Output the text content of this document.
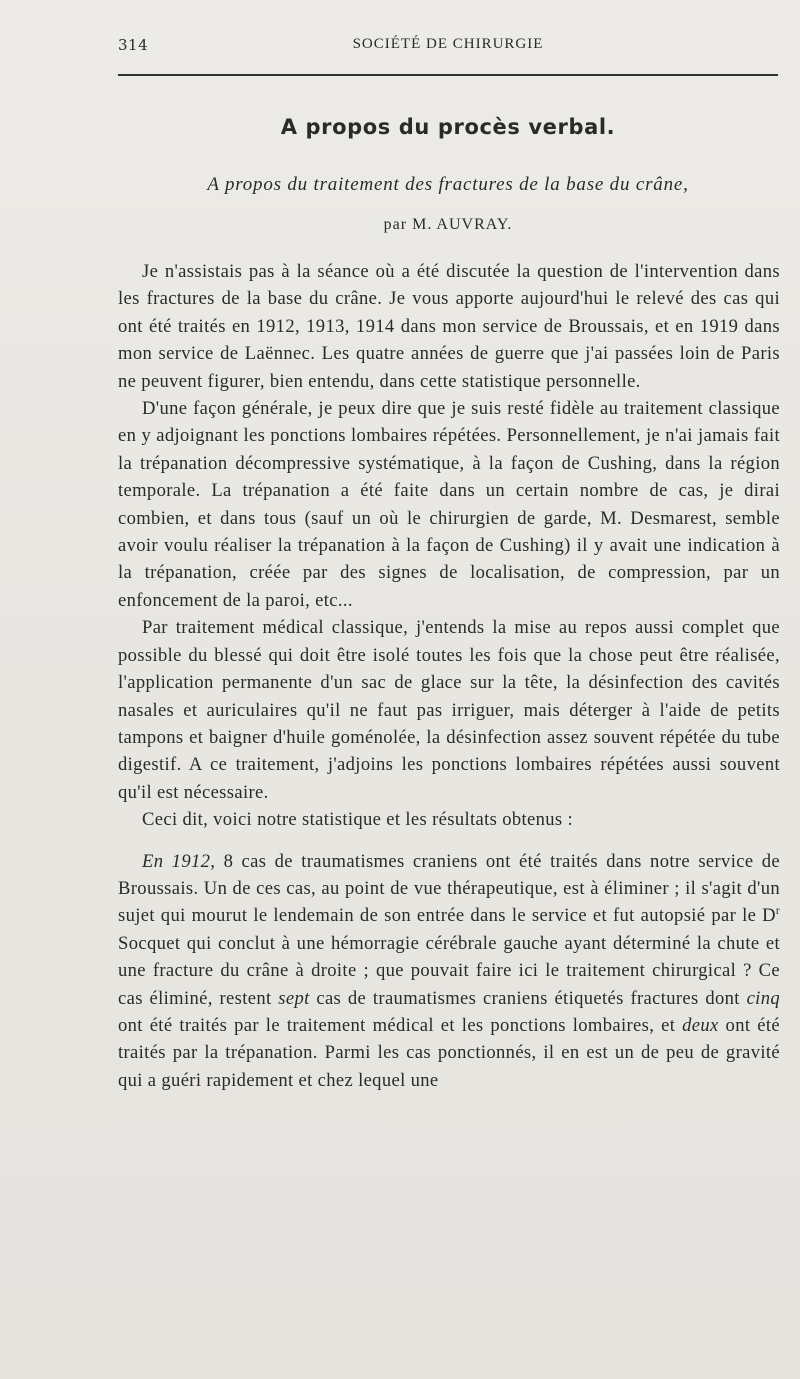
314	SOCIÉTÉ DE CHIRURGIE
A propos du procès verbal.
A propos du traitement des fractures de la base du crâne,
par M. AUVRAY.

Je n'assistais pas à la séance où a été discutée la question de l'intervention dans les fractures de la base du crâne. Je vous apporte aujourd'hui le relevé des cas qui ont été traités en 1912, 1913, 1914 dans mon service de Broussais, et en 1919 dans mon service de Laënnec. Les quatre années de guerre que j'ai passées loin de Paris ne peuvent figurer, bien entendu, dans cette statistique personnelle.

D'une façon générale, je peux dire que je suis resté fidèle au traitement classique en y adjoignant les ponctions lombaires répétées. Personnellement, je n'ai jamais fait la trépanation décompressive systématique, à la façon de Cushing, dans la région temporale. La trépanation a été faite dans un certain nombre de cas, je dirai combien, et dans tous (sauf un où le chirurgien de garde, M. Desmarest, semble avoir voulu réaliser la trépanation à la façon de Cushing) il y avait une indication à la trépanation, créée par des signes de localisation, de compression, par un enfoncement de la paroi, etc...

Par traitement médical classique, j'entends la mise au repos aussi complet que possible du blessé qui doit être isolé toutes les fois que la chose peut être réalisée, l'application permanente d'un sac de glace sur la tête, la désinfection des cavités nasales et auriculaires qu'il ne faut pas irriguer, mais déterger à l'aide de petits tampons et baigner d'huile goménolée, la désinfection assez souvent répétée du tube digestif. A ce traitement, j'adjoins les ponctions lombaires répétées aussi souvent qu'il est nécessaire.

Ceci dit, voici notre statistique et les résultats obtenus :

En 1912, 8 cas de traumatismes craniens ont été traités dans notre service de Broussais. Un de ces cas, au point de vue thérapeutique, est à éliminer ; il s'agit d'un sujet qui mourut le lendemain de son entrée dans le service et fut autopsié par le $D^r$ Socquet qui conclut à une hémorragie cérébrale gauche ayant déterminé la chute et une fracture du crâne à droite ; que pouvait faire ici le traitement chirurgical ? Ce cas éliminé, restent sept cas de traumatismes craniens étiquetés fractures dont cinq ont été traités par le traitement médical et les ponctions lombaires, et deux ont été traités par la trépanation. Parmi les cas ponctionnés, il en est un de peu de gravité qui a guéri rapidement et chez lequel une
